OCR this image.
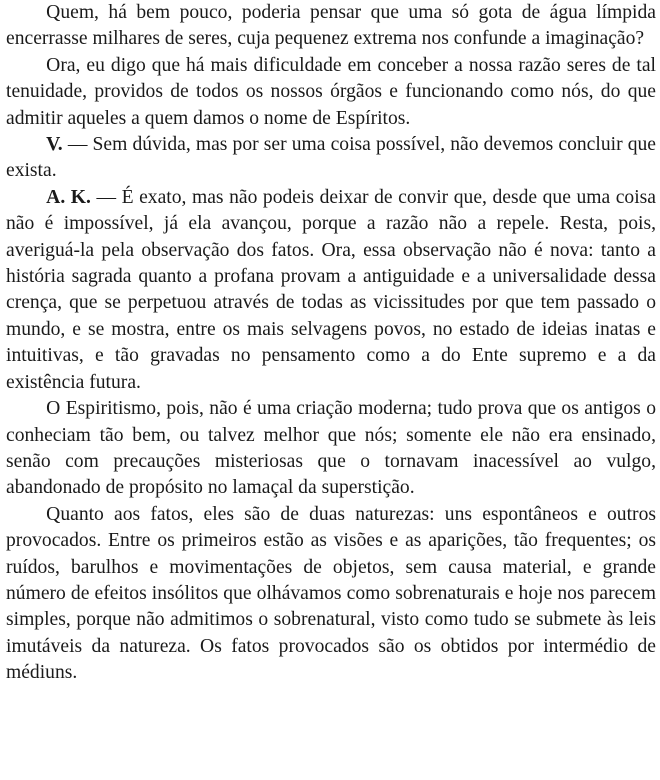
Quem, há bem pouco, poderia pensar que uma só gota de água límpida encerrasse milhares de seres, cuja pequenez extrema nos confunde a imaginação?

Ora, eu digo que há mais dificuldade em conceber a nossa razão seres de tal tenuidade, providos de todos os nossos órgãos e funcionando como nós, do que admitir aqueles a quem damos o nome de Espíritos.

V. — Sem dúvida, mas por ser uma coisa possível, não devemos concluir que exista.

A. K. — É exato, mas não podeis deixar de convir que, desde que uma coisa não é impossível, já ela avançou, porque a razão não a repele. Resta, pois, averiguá-la pela observação dos fatos. Ora, essa observação não é nova: tanto a história sagrada quanto a profana provam a antiguidade e a universalidade dessa crença, que se perpetuou através de todas as vicissitudes por que tem passado o mundo, e se mostra, entre os mais selvagens povos, no estado de ideias inatas e intuitivas, e tão gravadas no pensamento como a do Ente supremo e a da existência futura.

O Espiritismo, pois, não é uma criação moderna; tudo prova que os antigos o conheciam tão bem, ou talvez melhor que nós; somente ele não era ensinado, senão com precauções misteriosas que o tornavam inacessível ao vulgo, abandonado de propósito no lamaçal da superstição.

Quanto aos fatos, eles são de duas naturezas: uns espontâneos e outros provocados. Entre os primeiros estão as visões e as aparições, tão frequentes; os ruídos, barulhos e movimentações de objetos, sem causa material, e grande número de efeitos insólitos que olhávamos como sobrenaturais e hoje nos parecem simples, porque não admitimos o sobrenatural, visto como tudo se submete às leis imutáveis da natureza. Os fatos provocados são os obtidos por intermédio de médiuns.
